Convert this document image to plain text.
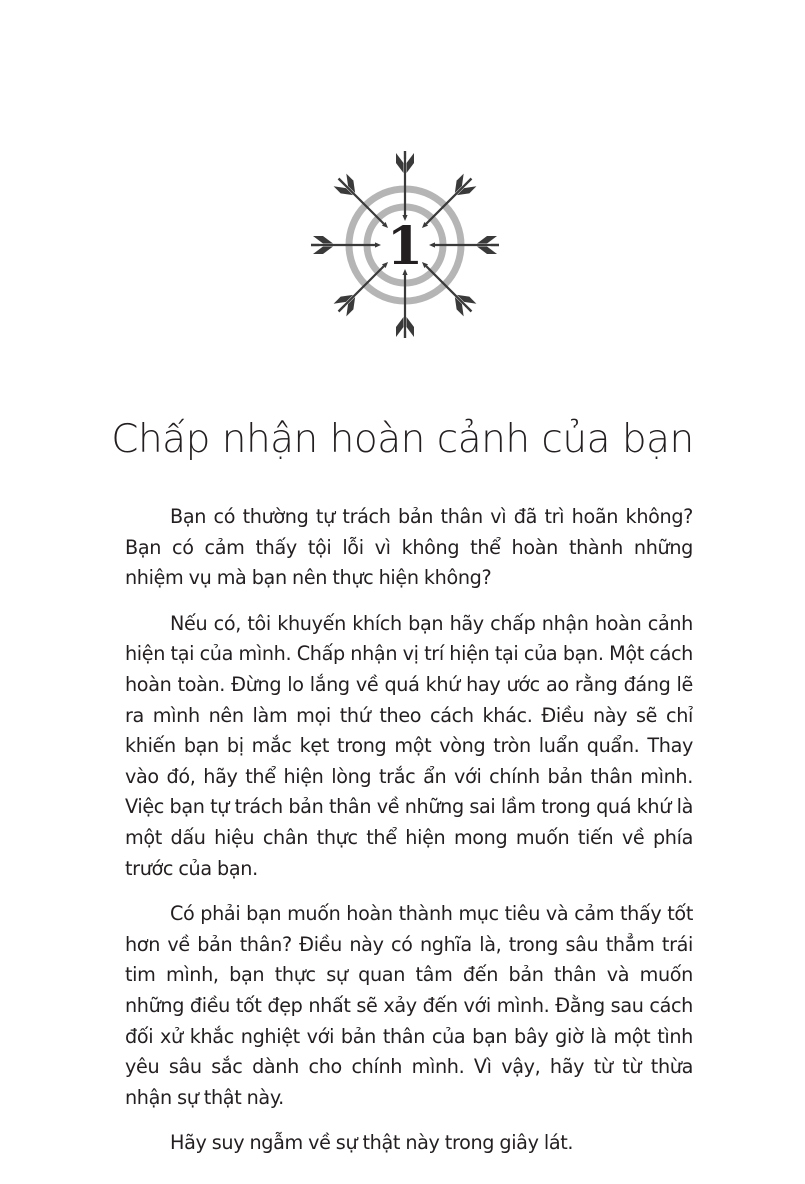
1
Chấp nhận hoàn cảnh của bạn

Bạn có thường tự trách bản thân vì đã trì hoãn không? Bạn có cảm thấy tội lỗi vì không thể hoàn thành những nhiệm vụ mà bạn nên thực hiện không?

Nếu có, tôi khuyến khích bạn hãy chấp nhận hoàn cảnh hiện tại của mình. Chấp nhận vị trí hiện tại của bạn. Một cách hoàn toàn. Đừng lo lắng về quá khứ hay ước ao rằng đáng lẽ ra mình nên làm mọi thứ theo cách khác. Điều này sẽ chỉ khiến bạn bị mắc kẹt trong một vòng tròn luẩn quẩn. Thay vào đó, hãy thể hiện lòng trắc ẩn với chính bản thân mình. Việc bạn tự trách bản thân về những sai lầm trong quá khứ là một dấu hiệu chân thực thể hiện mong muốn tiến về phía trước của bạn.

Có phải bạn muốn hoàn thành mục tiêu và cảm thấy tốt hơn về bản thân? Điều này có nghĩa là, trong sâu thẳm trái tim mình, bạn thực sự quan tâm đến bản thân và muốn những điều tốt đẹp nhất sẽ xảy đến với mình. Đằng sau cách đối xử khắc nghiệt với bản thân của bạn bây giờ là một tình yêu sâu sắc dành cho chính mình. Vì vậy, hãy từ từ thừa nhận sự thật này.

Hãy suy ngẫm về sự thật này trong giây lát.
